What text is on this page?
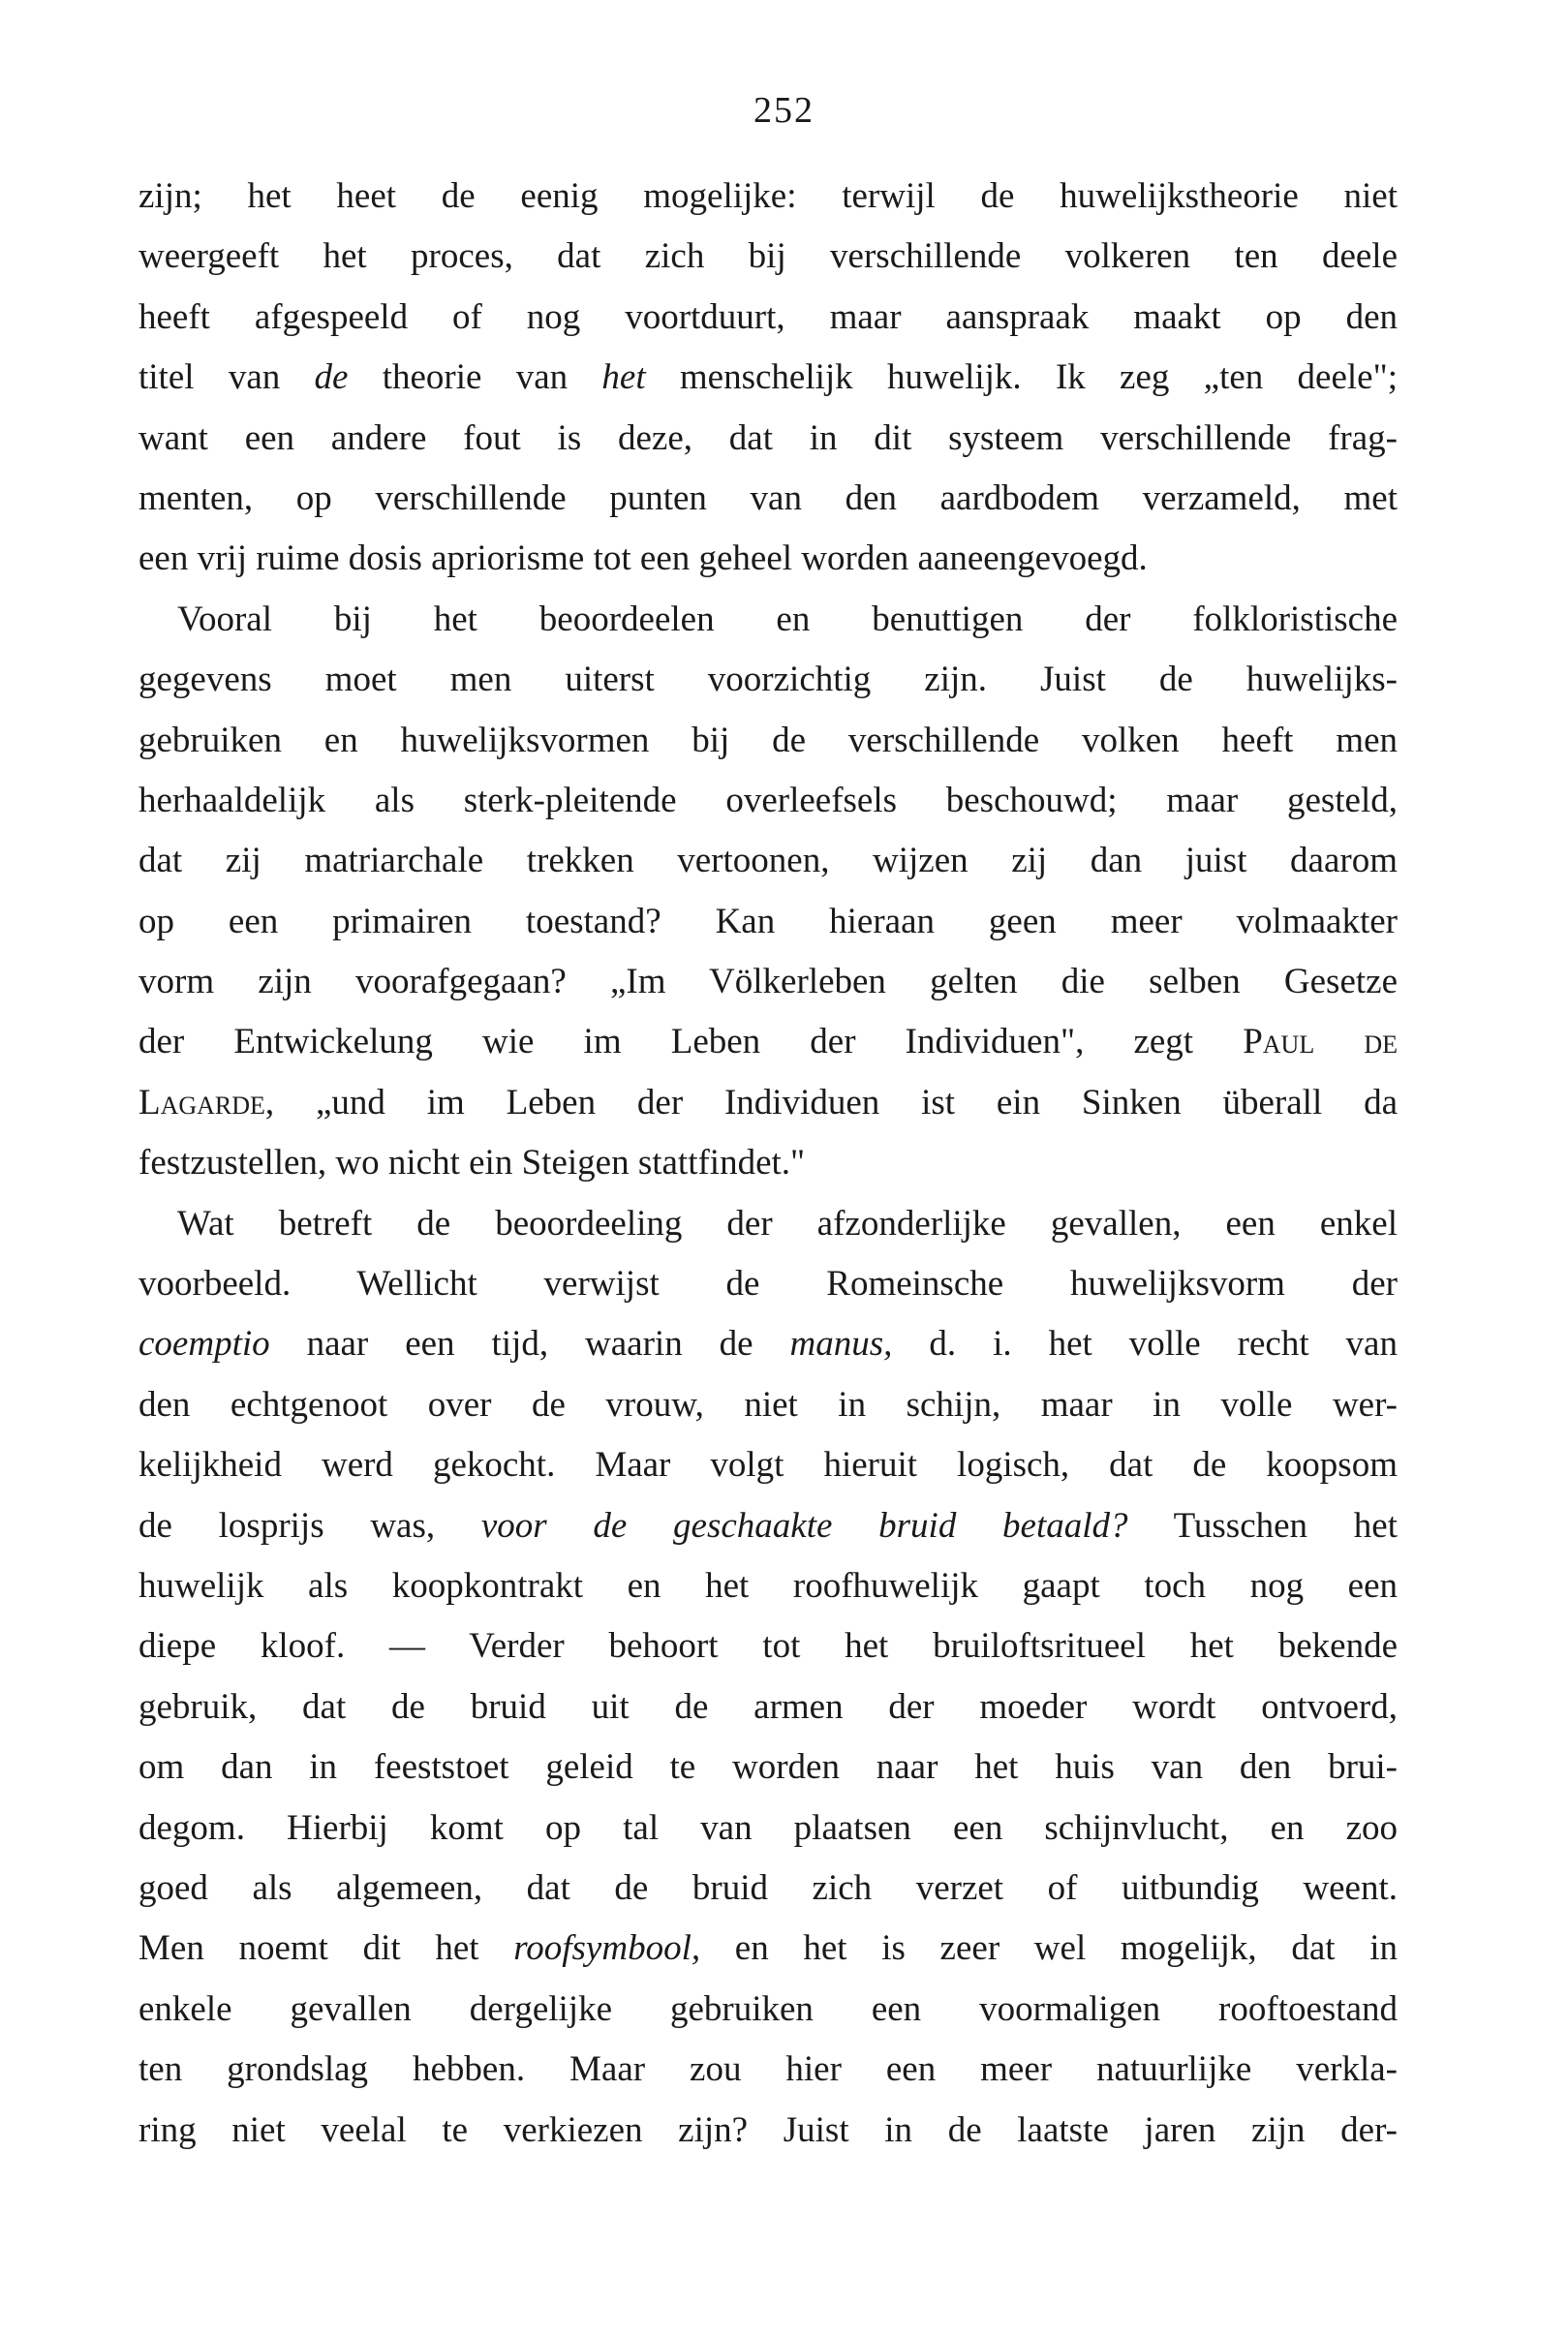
252
zijn; het heet de eenig mogelijke: terwijl de huwelijkstheorie niet
weergeeft het proces, dat zich bij verschillende volkeren ten deele
heeft afgespeeld of nog voortduurt, maar aanspraak maakt op den
titel van de theorie van het menschelijk huwelijk. Ik zeg „ten deele";
want een andere fout is deze, dat in dit systeem verschillende frag-
menten, op verschillende punten van den aardbodem verzameld, met
een vrij ruime dosis apriorisme tot een geheel worden aaneengevoegd.
Vooral bij het beoordeelen en benuttigen der folkloristische
gegevens moet men uiterst voorzichtig zijn. Juist de huwelijks-
gebruiken en huwelijksvormen bij de verschillende volken heeft men
herhaaldelijk als sterk-pleitende overleefsels beschouwd; maar gesteld,
dat zij matriarchale trekken vertoonen, wijzen zij dan juist daarom
op een primairen toestand? Kan hieraan geen meer volmaakter
vorm zijn voorafgegaan? „Im Völkerleben gelten die selben Gesetze
der Entwickelung wie im Leben der Individuen", zegt Paul de
Lagarde, „und im Leben der Individuen ist ein Sinken überall da
festzustellen, wo nicht ein Steigen stattfindet."
Wat betreft de beoordeeling der afzonderlijke gevallen, een enkel
voorbeeld. Wellicht verwijst de Romeinsche huwelijksvorm der
coemptio naar een tijd, waarin de manus, d. i. het volle recht van
den echtgenoot over de vrouw, niet in schijn, maar in volle wer-
kelijkheid werd gekocht. Maar volgt hieruit logisch, dat de koopsom
de losprijs was, voor de geschaakte bruid betaald? Tusschen het
huwelijk als koopkontrakt en het roofhuwelijk gaapt toch nog een
diepe kloof. — Verder behoort tot het bruiloftsritueel het bekende
gebruik, dat de bruid uit de armen der moeder wordt ontvoerd,
om dan in feeststoet geleid te worden naar het huis van den brui-
degom. Hierbij komt op tal van plaatsen een schijnvlucht, en zoo
goed als algemeen, dat de bruid zich verzet of uitbundig weent.
Men noemt dit het roofsymbool, en het is zeer wel mogelijk, dat in
enkele gevallen dergelijke gebruiken een voormaligen rooftoestand
ten grondslag hebben. Maar zou hier een meer natuurlijke verkla-
ring niet veelal te verkiezen zijn? Juist in de laatste jaren zijn der-
